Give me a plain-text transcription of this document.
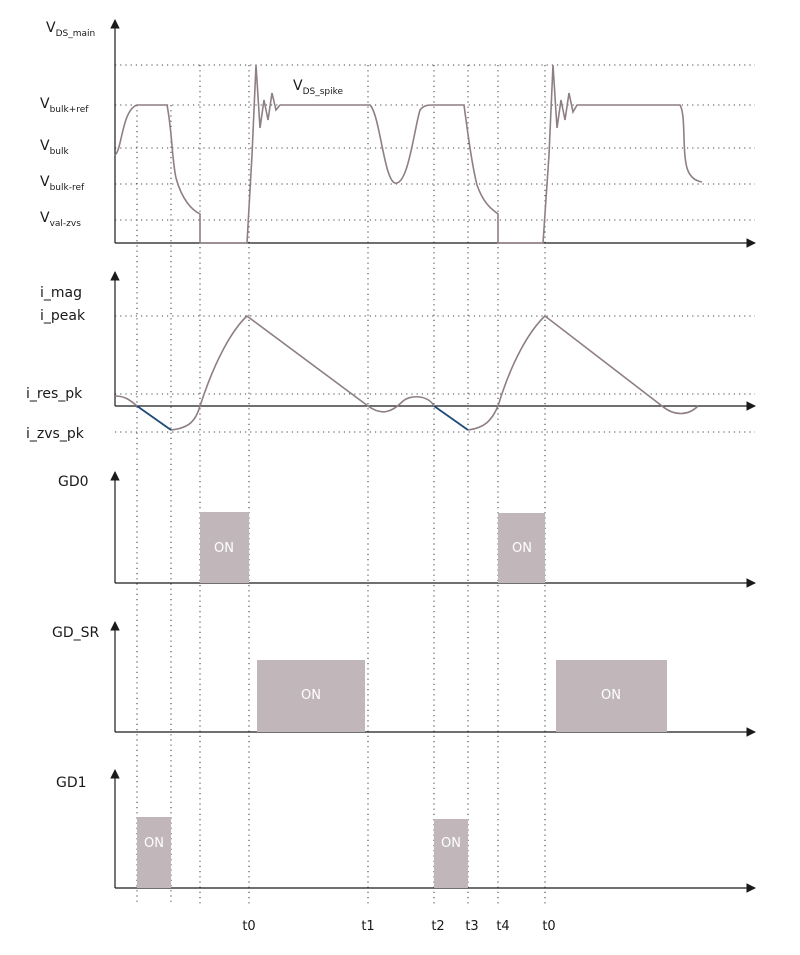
$V_{DS\_main}$
$V_{DS\_spike}$
$V_{bulk+ref}$
$V_{bulk}$
$V_{bulk-ref}$
$V_{val-zvs}$
i_mag
i_peak
i_res_pk
i_zvs_pk
GD0
ON	ON
GD_SR
ON	ON
GD1
ON	ON
t0	t1	t2 t3 t4	t0
